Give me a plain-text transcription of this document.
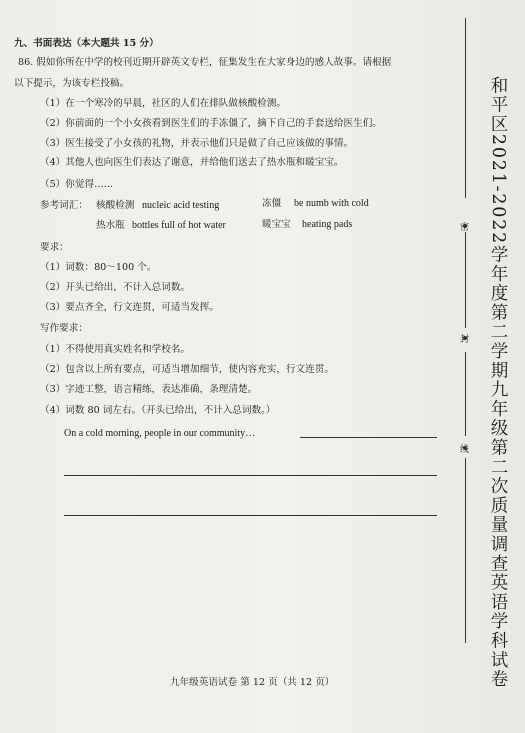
九、书面表达（本大题共 15 分）
86. 假如你所在中学的校刊近期开辟英文专栏，征集发生在大家身边的感人故事。请根据
以下提示，为该专栏投稿。
（1）在一个寒冷的早晨，社区的人们在排队做核酸检测。
（2）你前面的一个小女孩看到医生们的手冻僵了，摘下自己的手套送给医生们。
（3）医生接受了小女孩的礼物，并表示他们只是做了自己应该做的事情。
（4）其他人也向医生们表达了谢意，并给他们送去了热水瓶和暖宝宝。
（5）你觉得……
参考词汇： 核酸检测 nucleic acid testing	冻僵 be numb with cold
热水瓶 bottles full of hot water	暖宝宝 heating pads
要求：
（1）词数：80～100 个。
（2）开头已给出，不计入总词数。
（3）要点齐全，行文连贯，可适当发挥。
写作要求：
（1）不得使用真实姓名和学校名。
（2）包含以上所有要点，可适当增加细节，使内容充实，行文连贯。
（3）字迹工整，语言精练，表达准确，条理清楚。
（4）词数 80 词左右。（开头已给出，不计入总词数。）
On a cold morning, people in our community…
九年级英语试卷 第 12 页（共 12 页）
密
封
线 和平区2021-2022学年度第二学期九年级第二次质量调查英语学科试卷
